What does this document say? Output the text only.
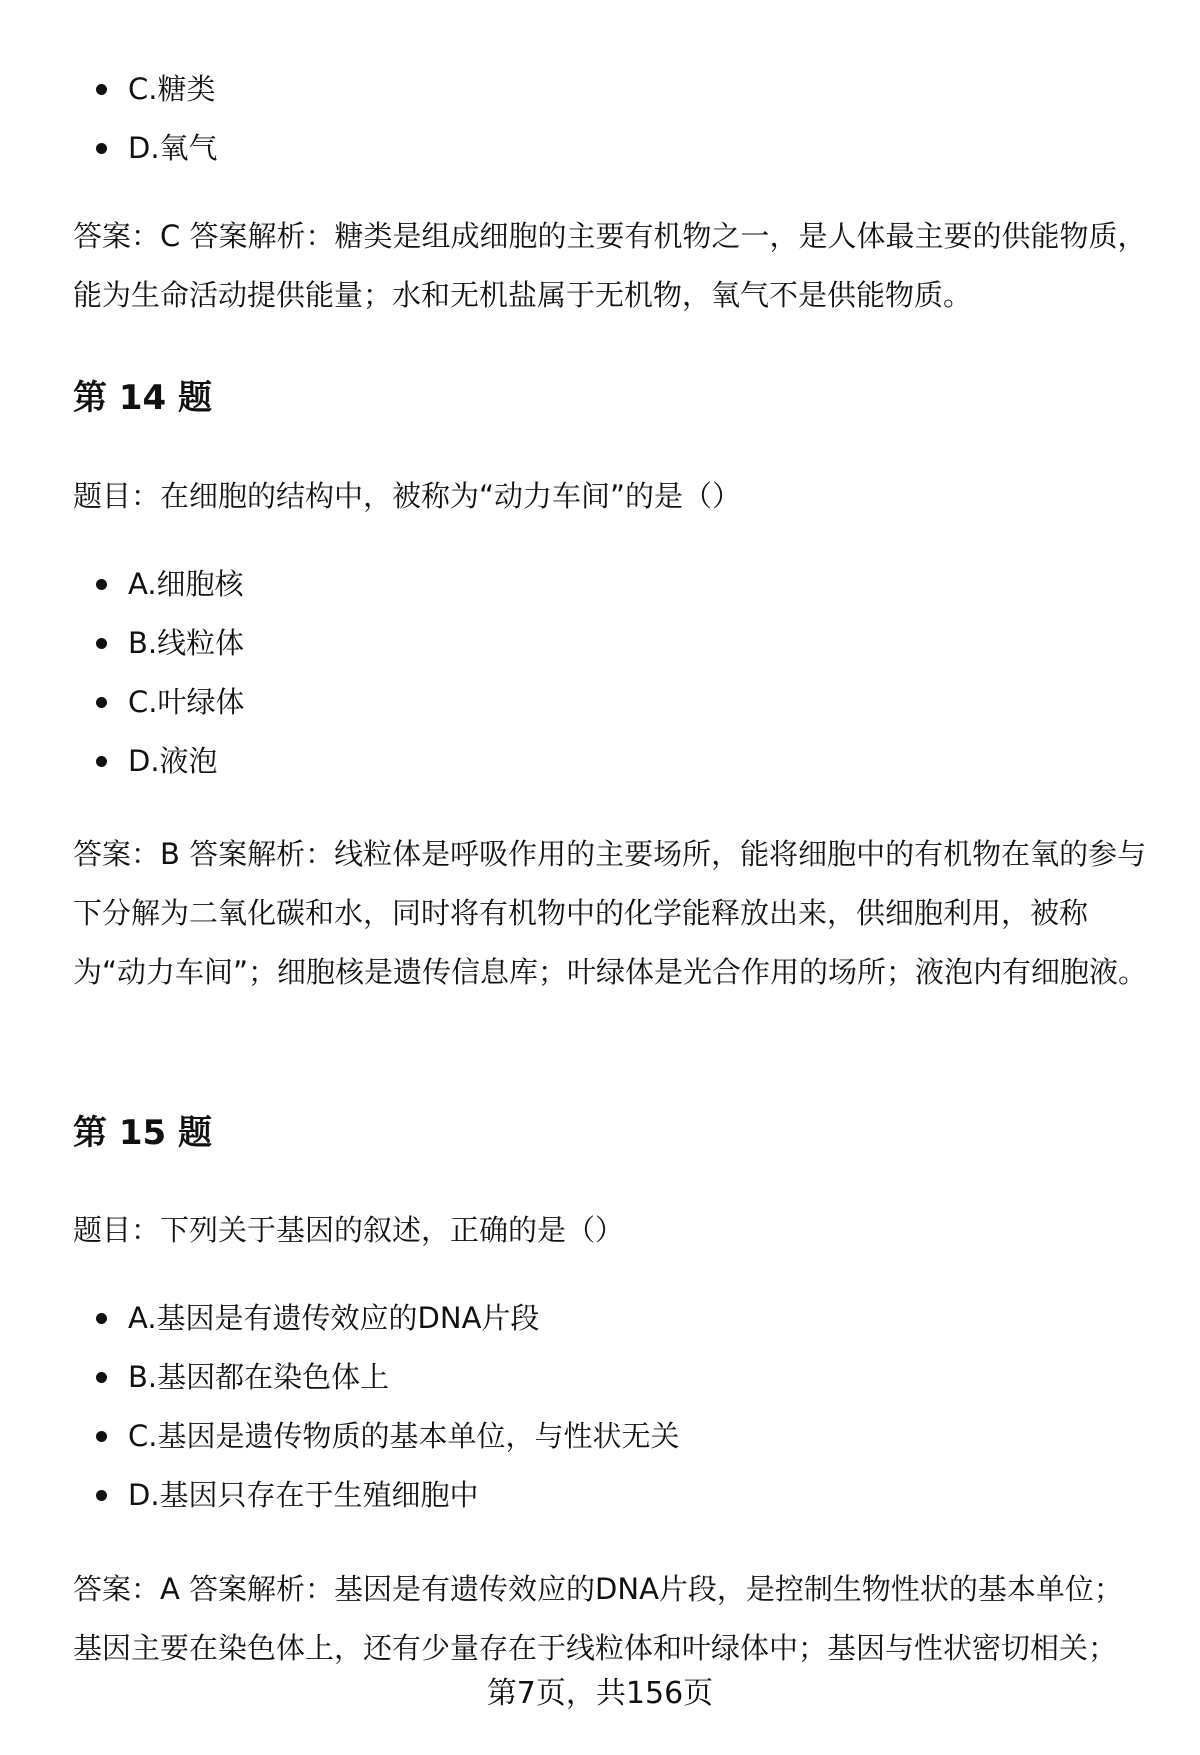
C.糖类
D.氧气
答案：C 答案解析：糖类是组成细胞的主要有机物之一，是人体最主要的供能物质，能为生命活动提供能量；水和无机盐属于无机物，氧气不是供能物质。
第 14 题
题目：在细胞的结构中，被称为“动力车间”的是（）
A.细胞核
B.线粒体
C.叶绿体
D.液泡
答案：B 答案解析：线粒体是呼吸作用的主要场所，能将细胞中的有机物在氧的参与下分解为二氧化碳和水，同时将有机物中的化学能释放出来，供细胞利用，被称为“动力车间”；细胞核是遗传信息库；叶绿体是光合作用的场所；液泡内有细胞液。
第 15 题
题目：下列关于基因的叙述，正确的是（）
A.基因是有遗传效应的DNA片段
B.基因都在染色体上
C.基因是遗传物质的基本单位，与性状无关
D.基因只存在于生殖细胞中
答案：A 答案解析：基因是有遗传效应的DNA片段，是控制生物性状的基本单位；基因主要在染色体上，还有少量存在于线粒体和叶绿体中；基因与性状密切相关；
第7页，共156页
